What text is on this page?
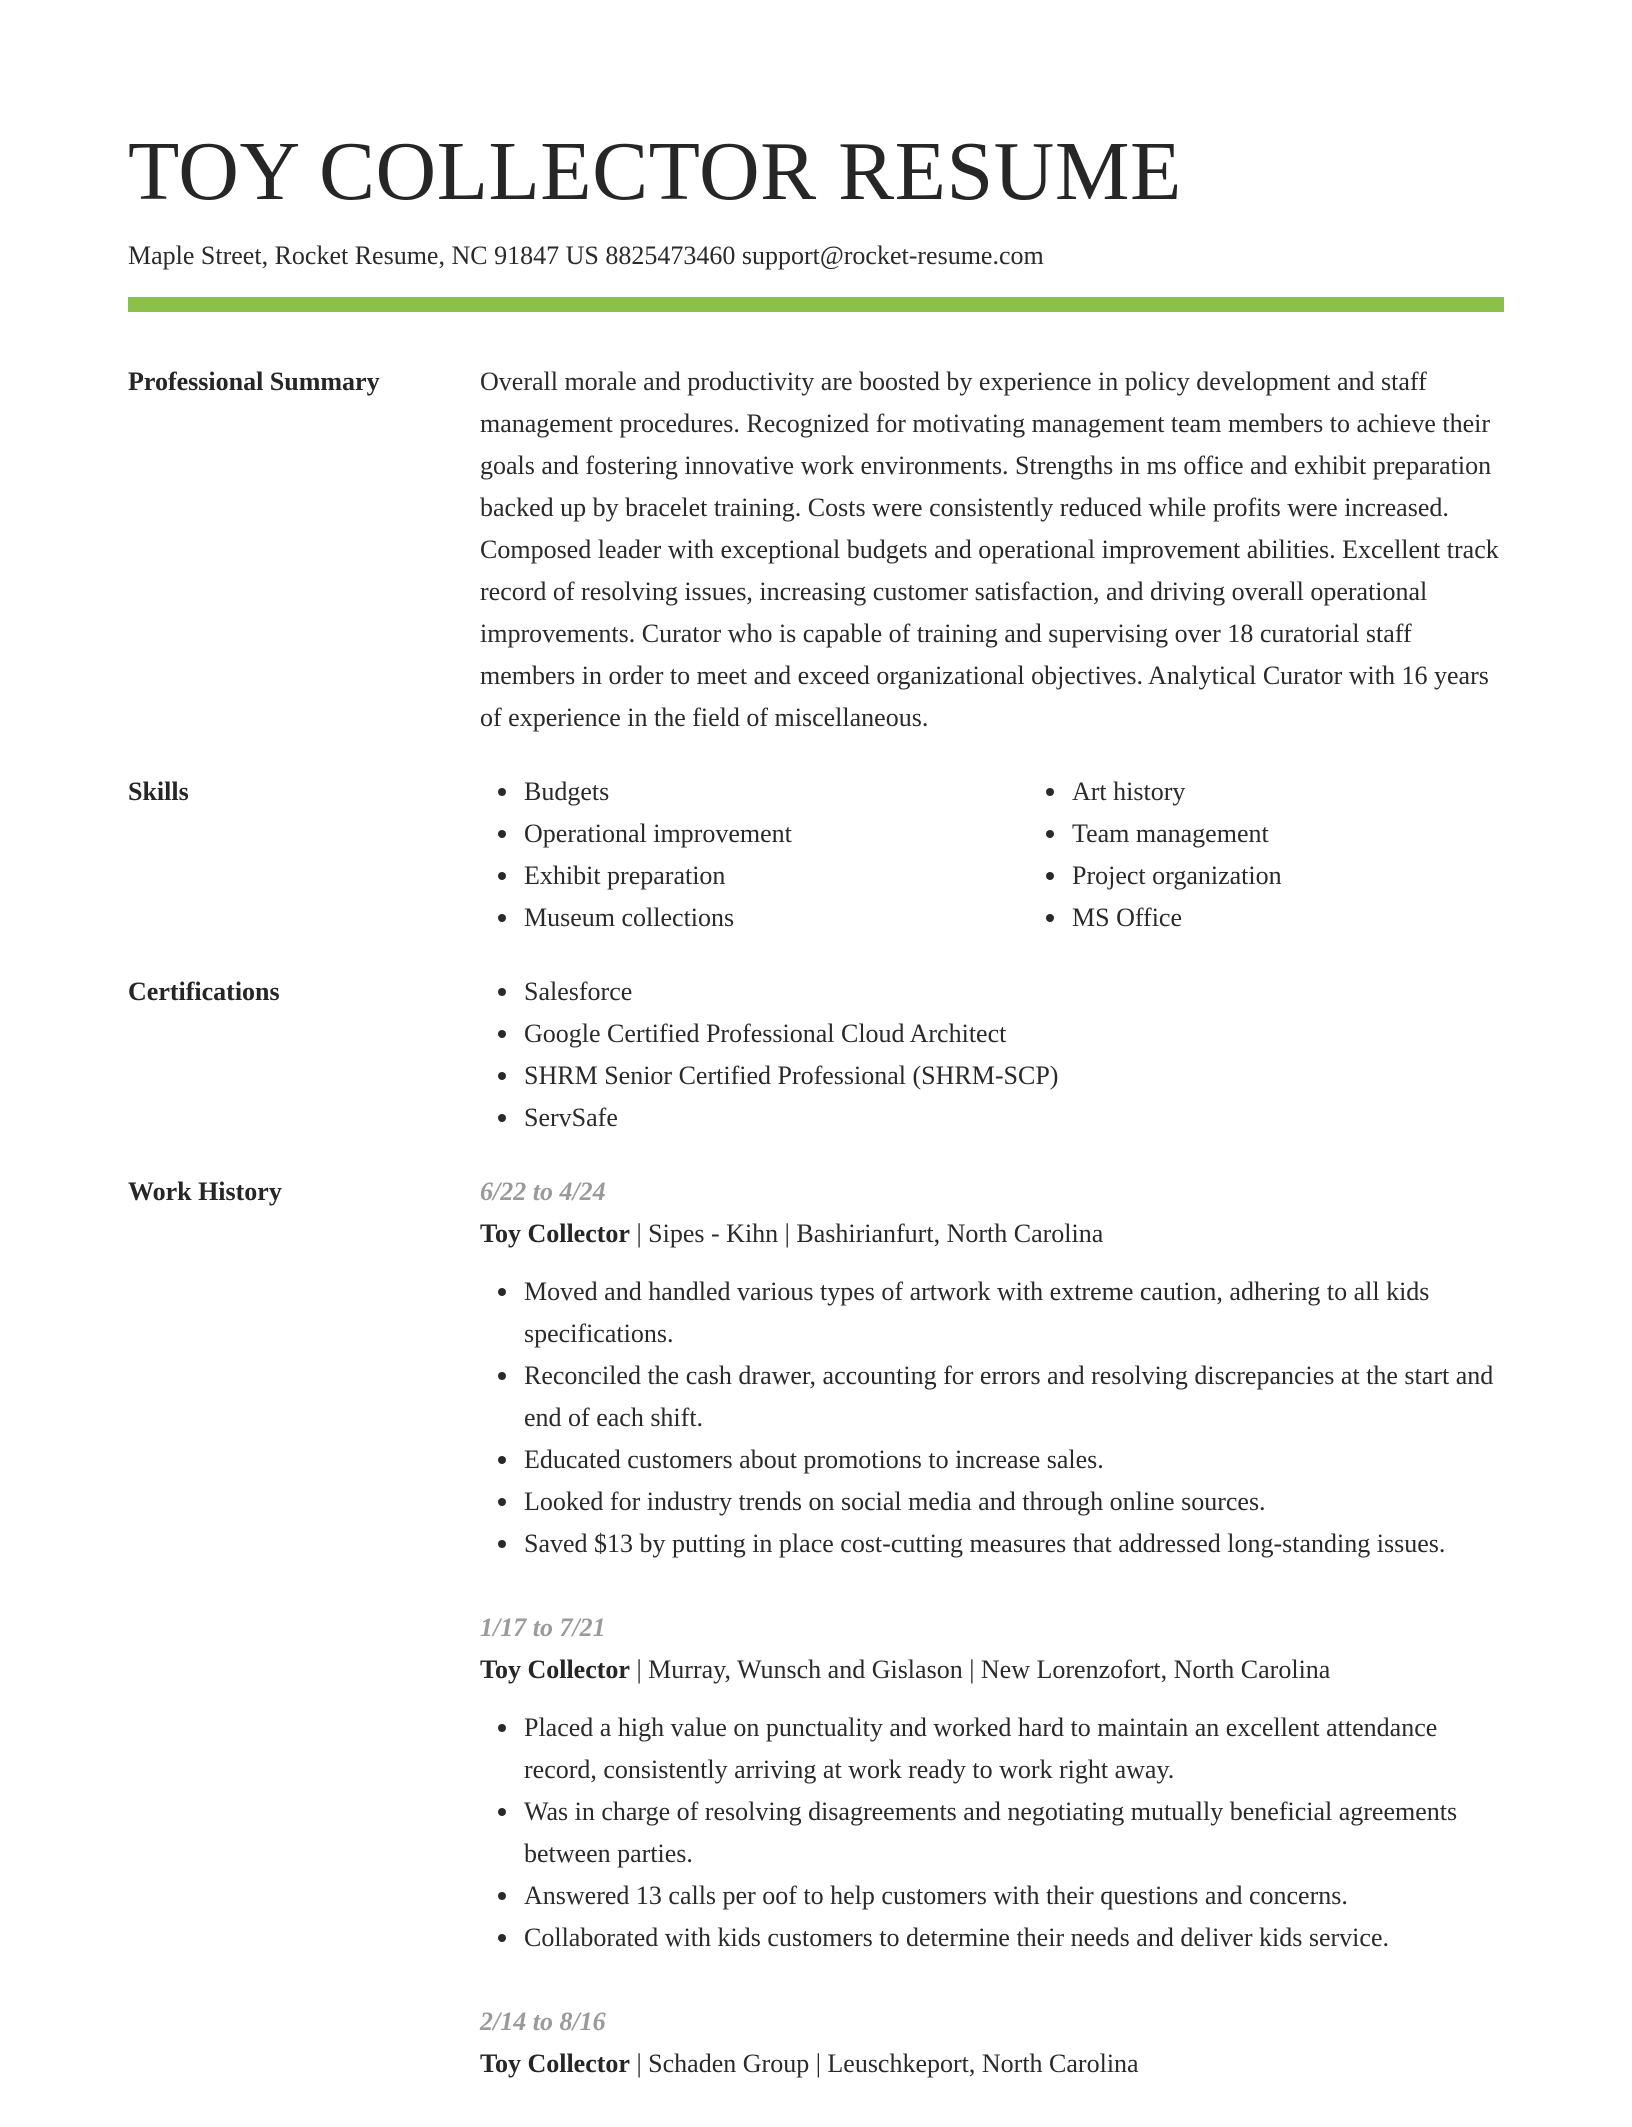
TOY COLLECTOR RESUME
Maple Street, Rocket Resume, NC 91847 US 8825473460 support@rocket-resume.com
Professional Summary	Overall morale and productivity are boosted by experience in policy development and staff management procedures. Recognized for motivating management team members to achieve their goals and fostering innovative work environments. Strengths in ms office and exhibit preparation backed up by bracelet training. Costs were consistently reduced while profits were increased. Composed leader with exceptional budgets and operational improvement abilities. Excellent track record of resolving issues, increasing customer satisfaction, and driving overall operational improvements. Curator who is capable of training and supervising over 18 curatorial staff members in order to meet and exceed organizational objectives. Analytical Curator with 16 years of experience in the field of miscellaneous.
Skills	Budgets
Operational improvement
Exhibit preparation
Museum collections
Art history
Team management
Project organization
MS Office
Certifications	Salesforce
Google Certified Professional Cloud Architect
SHRM Senior Certified Professional (SHRM-SCP)
ServSafe
Work History	6/22 to 4/24
Toy Collector | Sipes - Kihn | Bashirianfurt, North Carolina
Moved and handled various types of artwork with extreme caution, adhering to all kids specifications.
Reconciled the cash drawer, accounting for errors and resolving discrepancies at the start and end of each shift.
Educated customers about promotions to increase sales.
Looked for industry trends on social media and through online sources.
Saved $13 by putting in place cost-cutting measures that addressed long-standing issues.
1/17 to 7/21
Toy Collector | Murray, Wunsch and Gislason | New Lorenzofort, North Carolina
Placed a high value on punctuality and worked hard to maintain an excellent attendance record, consistently arriving at work ready to work right away.
Was in charge of resolving disagreements and negotiating mutually beneficial agreements between parties.
Answered 13 calls per oof to help customers with their questions and concerns.
Collaborated with kids customers to determine their needs and deliver kids service.
2/14 to 8/16
Toy Collector | Schaden Group | Leuschkeport, North Carolina
